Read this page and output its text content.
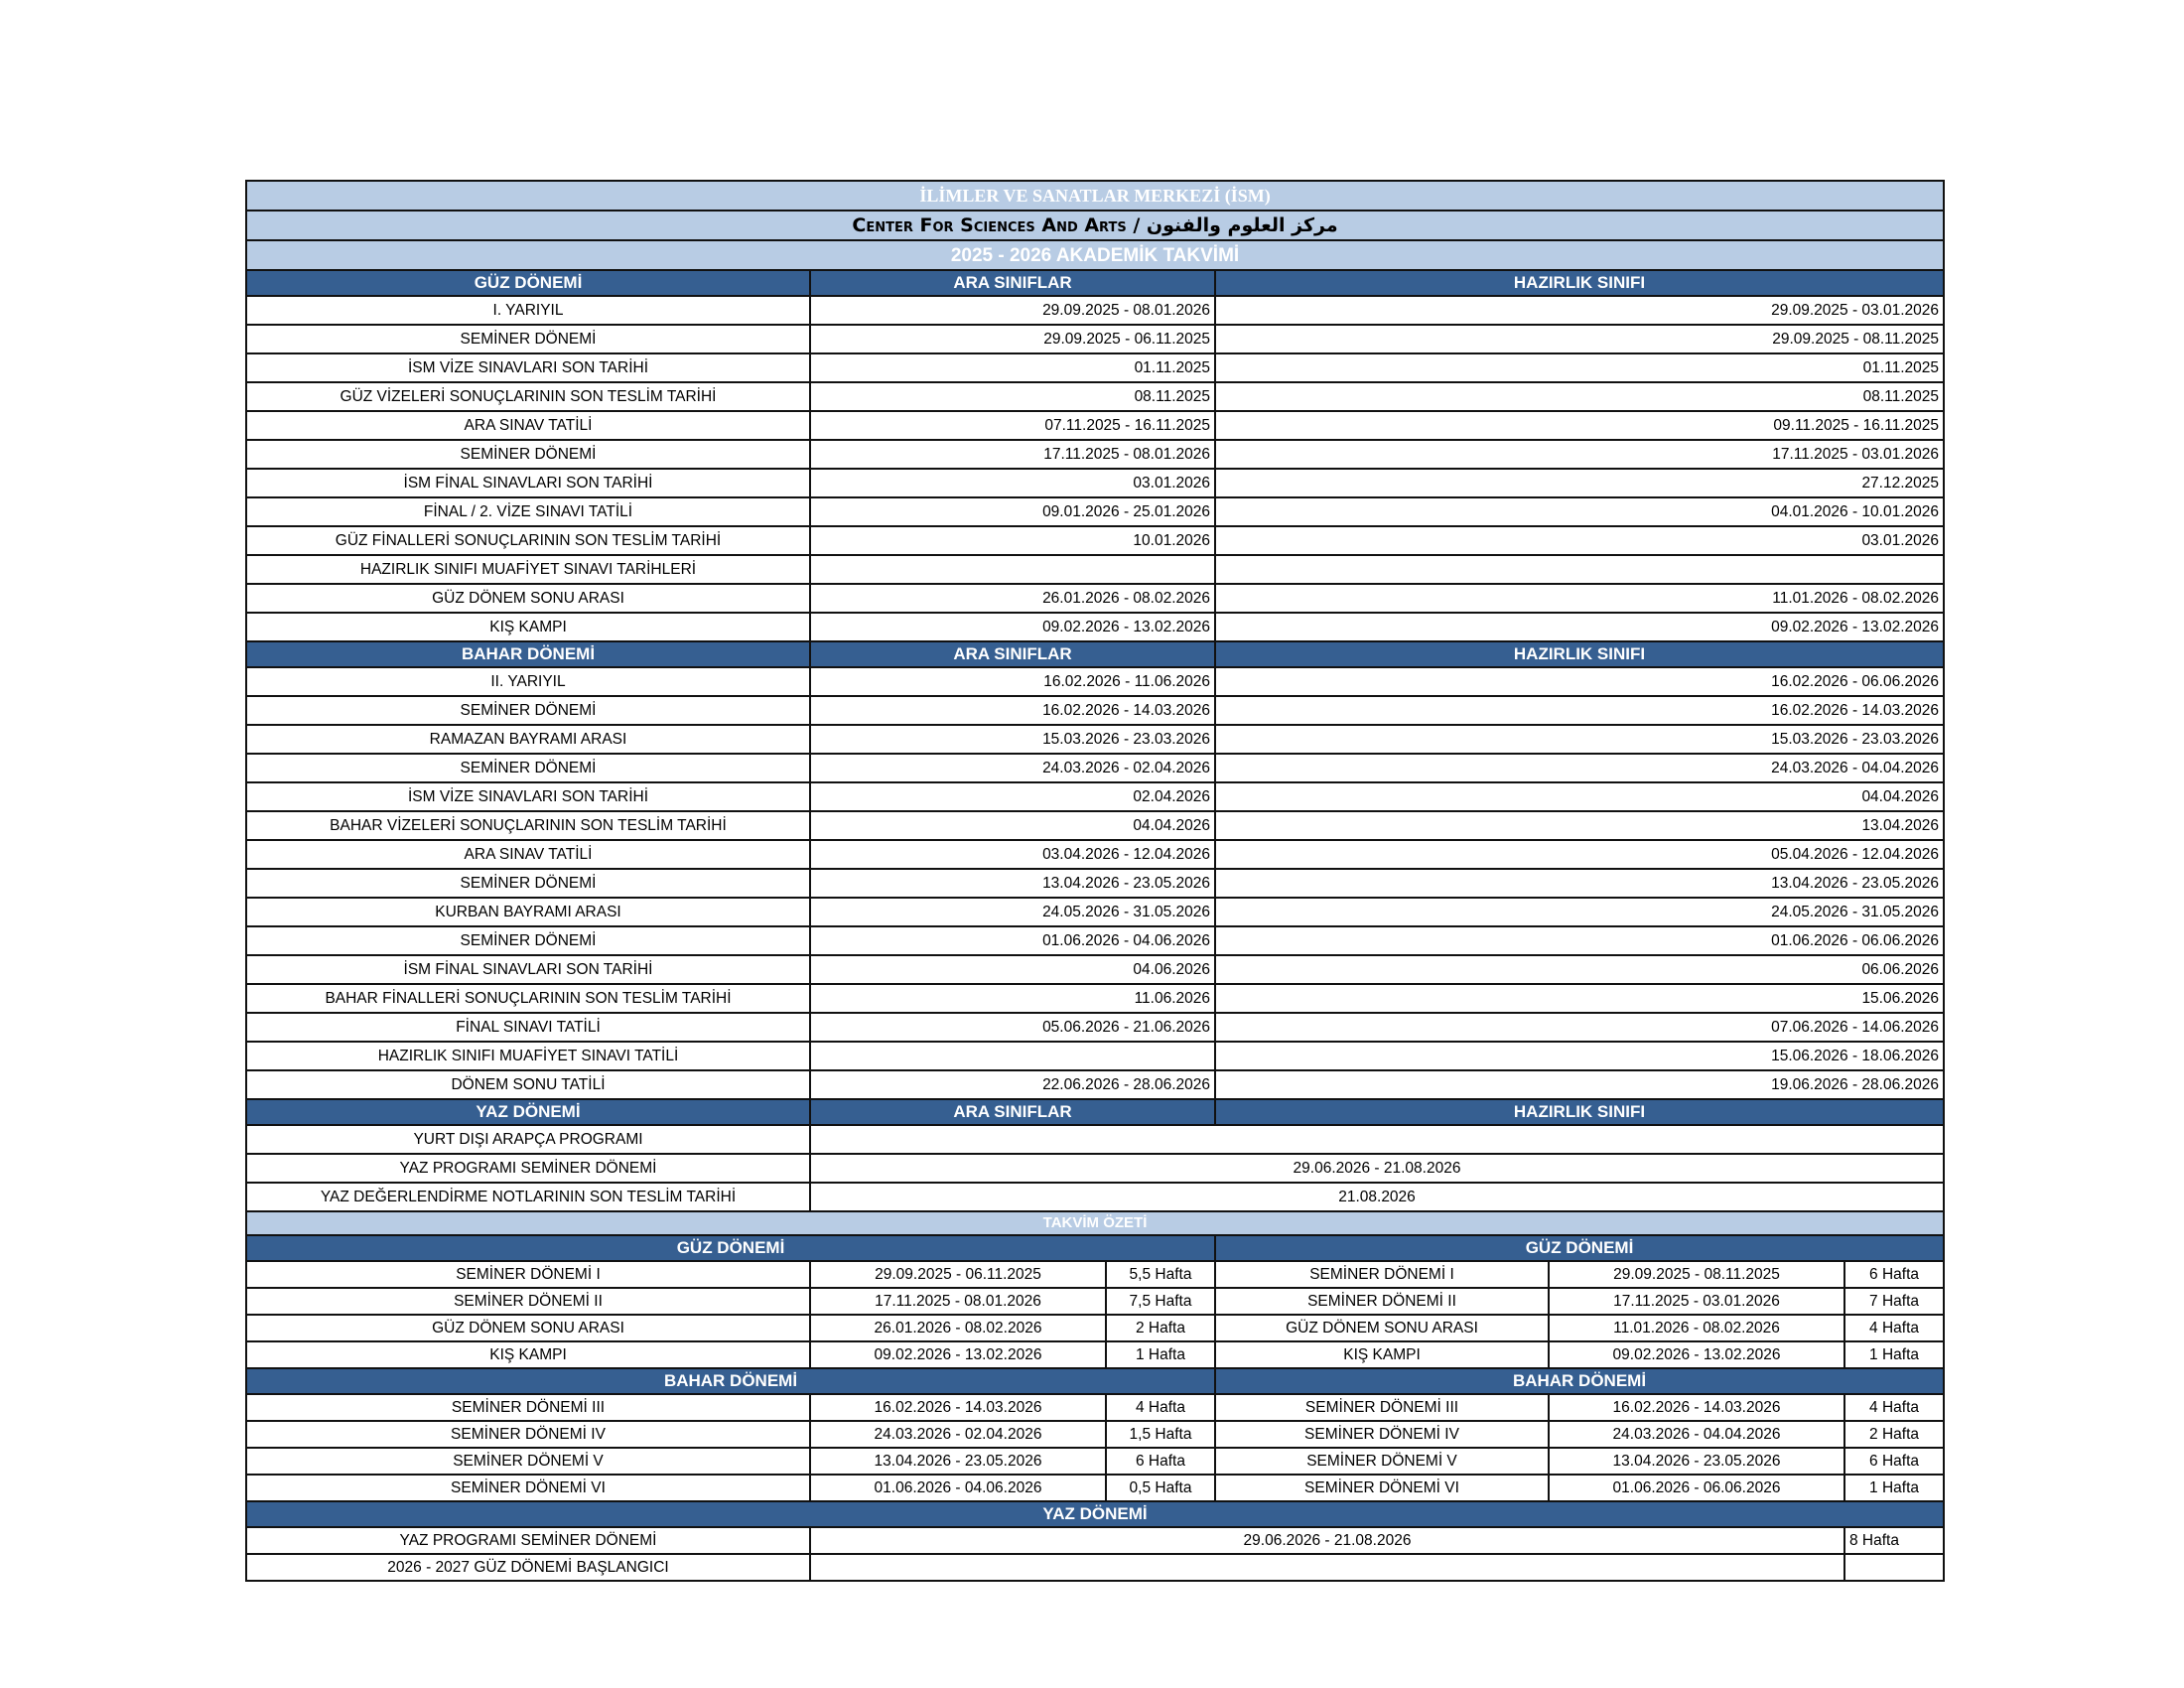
İLİMLER VE SANATLAR MERKEZİ (İSM)					
Center For Sciences And Arts / مركز العلوم والفنون					
2025 - 2026 AKADEMİK TAKVİMİ					
GÜZ DÖNEMİ	ARA SINIFLAR		HAZIRLIK SINIFI		
I. YARIYIL	29.09.2025 - 08.01.2026		29.09.2025 - 03.01.2026		
SEMİNER DÖNEMİ	29.09.2025 - 06.11.2025		29.09.2025 - 08.11.2025		
İSM VİZE SINAVLARI SON TARİHİ	01.11.2025		01.11.2025		
GÜZ VİZELERİ SONUÇLARININ SON TESLİM TARİHİ	08.11.2025		08.11.2025		
ARA SINAV TATİLİ	07.11.2025 - 16.11.2025		09.11.2025 - 16.11.2025		
SEMİNER DÖNEMİ	17.11.2025 - 08.01.2026		17.11.2025 - 03.01.2026		
İSM FİNAL SINAVLARI SON TARİHİ	03.01.2026		27.12.2025		
FİNAL / 2. VİZE SINAVI TATİLİ	09.01.2026 - 25.01.2026		04.01.2026 - 10.01.2026		
GÜZ FİNALLERİ SONUÇLARININ SON TESLİM TARİHİ	10.01.2026		03.01.2026		
HAZIRLIK SINIFI MUAFİYET SINAVI TARİHLERİ					
GÜZ DÖNEM SONU ARASI	26.01.2026 - 08.02.2026		11.01.2026 - 08.02.2026		
KIŞ KAMPI	09.02.2026 - 13.02.2026		09.02.2026 - 13.02.2026		
BAHAR DÖNEMİ	ARA SINIFLAR		HAZIRLIK SINIFI		
II. YARIYIL	16.02.2026 - 11.06.2026		16.02.2026 - 06.06.2026		
SEMİNER DÖNEMİ	16.02.2026 - 14.03.2026		16.02.2026 - 14.03.2026		
RAMAZAN BAYRAMI ARASI	15.03.2026 - 23.03.2026		15.03.2026 - 23.03.2026		
SEMİNER DÖNEMİ	24.03.2026 - 02.04.2026		24.03.2026 - 04.04.2026		
İSM VİZE SINAVLARI SON TARİHİ	02.04.2026		04.04.2026		
BAHAR VİZELERİ SONUÇLARININ SON TESLİM TARİHİ	04.04.2026		13.04.2026		
ARA SINAV TATİLİ	03.04.2026 - 12.04.2026		05.04.2026 - 12.04.2026		
SEMİNER DÖNEMİ	13.04.2026 - 23.05.2026		13.04.2026 - 23.05.2026		
KURBAN BAYRAMI ARASI	24.05.2026 - 31.05.2026		24.05.2026 - 31.05.2026		
SEMİNER DÖNEMİ	01.06.2026 - 04.06.2026		01.06.2026 - 06.06.2026		
İSM FİNAL SINAVLARI SON TARİHİ	04.06.2026		06.06.2026		
BAHAR FİNALLERİ SONUÇLARININ SON TESLİM TARİHİ	11.06.2026		15.06.2026		
FİNAL SINAVI TATİLİ	05.06.2026 - 21.06.2026		07.06.2026 - 14.06.2026		
HAZIRLIK SINIFI MUAFİYET SINAVI TATİLİ			15.06.2026 - 18.06.2026		
DÖNEM SONU TATİLİ	22.06.2026 - 28.06.2026		19.06.2026 - 28.06.2026		
YAZ DÖNEMİ	ARA SINIFLAR		HAZIRLIK SINIFI		
YURT DIŞI ARAPÇA PROGRAMI					
YAZ PROGRAMI SEMİNER DÖNEMİ	29.06.2026 - 21.08.2026				
YAZ DEĞERLENDİRME NOTLARININ SON TESLİM TARİHİ	21.08.2026				
TAKVİM ÖZETİ					
GÜZ DÖNEMİ			GÜZ DÖNEMİ		
SEMİNER DÖNEMİ I	29.09.2025 - 06.11.2025	5,5 Hafta	SEMİNER DÖNEMİ I	29.09.2025 - 08.11.2025	6 Hafta
SEMİNER DÖNEMİ II	17.11.2025 - 08.01.2026	7,5 Hafta	SEMİNER DÖNEMİ II	17.11.2025 - 03.01.2026	7 Hafta
GÜZ DÖNEM SONU ARASI	26.01.2026 - 08.02.2026	2 Hafta	GÜZ DÖNEM SONU ARASI	11.01.2026 - 08.02.2026	4 Hafta
KIŞ KAMPI	09.02.2026 - 13.02.2026	1 Hafta	KIŞ KAMPI	09.02.2026 - 13.02.2026	1 Hafta
BAHAR DÖNEMİ			BAHAR DÖNEMİ		
SEMİNER DÖNEMİ III	16.02.2026 - 14.03.2026	4 Hafta	SEMİNER DÖNEMİ III	16.02.2026 - 14.03.2026	4 Hafta
SEMİNER DÖNEMİ IV	24.03.2026 - 02.04.2026	1,5 Hafta	SEMİNER DÖNEMİ IV	24.03.2026 - 04.04.2026	2 Hafta
SEMİNER DÖNEMİ V	13.04.2026 - 23.05.2026	6 Hafta	SEMİNER DÖNEMİ V	13.04.2026 - 23.05.2026	6 Hafta
SEMİNER DÖNEMİ VI	01.06.2026 - 04.06.2026	0,5 Hafta	SEMİNER DÖNEMİ VI	01.06.2026 - 06.06.2026	1 Hafta
YAZ DÖNEMİ					
YAZ PROGRAMI SEMİNER DÖNEMİ	29.06.2026 - 21.08.2026				8 Hafta
2026 - 2027 GÜZ DÖNEMİ BAŞLANGICI					
